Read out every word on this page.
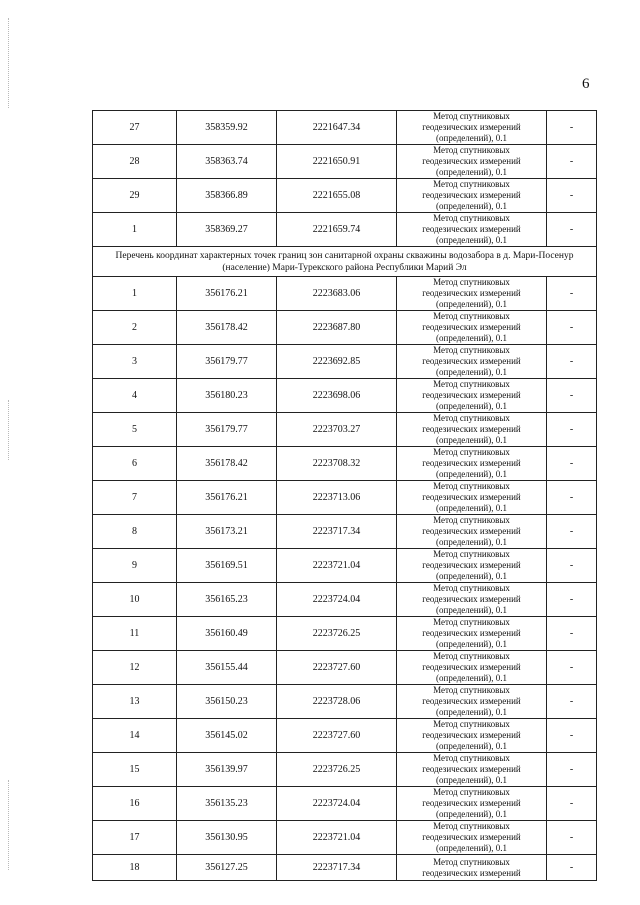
6
27	358359.92	2221647.34	Метод спутниковых
геодезических измерений
(определений), 0.1	-
28	358363.74	2221650.91	Метод спутниковых
геодезических измерений
(определений), 0.1	-
29	358366.89	2221655.08	Метод спутниковых
геодезических измерений
(определений), 0.1	-
1	358369.27	2221659.74	Метод спутниковых
геодезических измерений
(определений), 0.1	-

Перечень координат характерных точек границ зон санитарной охраны скважины водозабора в д. Мари-Посенур
(население) Мари-Турекского района Республики Марий Эл				

1	356176.21	2223683.06	Метод спутниковых
геодезических измерений
(определений), 0.1	-
2	356178.42	2223687.80	Метод спутниковых
геодезических измерений
(определений), 0.1	-
3	356179.77	2223692.85	Метод спутниковых
геодезических измерений
(определений), 0.1	-
4	356180.23	2223698.06	Метод спутниковых
геодезических измерений
(определений), 0.1	-
5	356179.77	2223703.27	Метод спутниковых
геодезических измерений
(определений), 0.1	-
6	356178.42	2223708.32	Метод спутниковых
геодезических измерений
(определений), 0.1	-
7	356176.21	2223713.06	Метод спутниковых
геодезических измерений
(определений), 0.1	-
8	356173.21	2223717.34	Метод спутниковых
геодезических измерений
(определений), 0.1	-
9	356169.51	2223721.04	Метод спутниковых
геодезических измерений
(определений), 0.1	-
10	356165.23	2223724.04	Метод спутниковых
геодезических измерений
(определений), 0.1	-
11	356160.49	2223726.25	Метод спутниковых
геодезических измерений
(определений), 0.1	-
12	356155.44	2223727.60	Метод спутниковых
геодезических измерений
(определений), 0.1	-
13	356150.23	2223728.06	Метод спутниковых
геодезических измерений
(определений), 0.1	-
14	356145.02	2223727.60	Метод спутниковых
геодезических измерений
(определений), 0.1	-
15	356139.97	2223726.25	Метод спутниковых
геодезических измерений
(определений), 0.1	-
16	356135.23	2223724.04	Метод спутниковых
геодезических измерений
(определений), 0.1	-
17	356130.95	2223721.04	Метод спутниковых
геодезических измерений
(определений), 0.1	-
18	356127.25	2223717.34	Метод спутниковых
геодезических измерений	-
